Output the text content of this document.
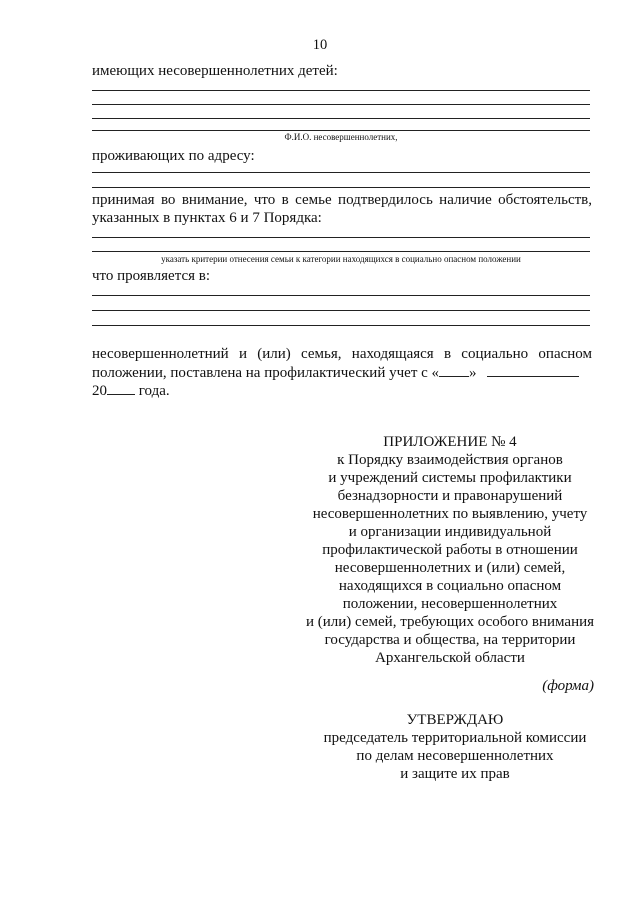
10
имеющих несовершеннолетних детей:
Ф.И.О. несовершеннолетних,
проживающих по адресу:
принимая во внимание, что в семье подтвердилось наличие обстоятельств,
указанных в пунктах 6 и 7 Порядка:
указать критерии отнесения семьи к категории находящихся в социально опасном положении
что проявляется в:
несовершеннолетний и (или) семья, находящаяся в социально опасном
положении, поставлена на профилактический учет с « »
20 года.
ПРИЛОЖЕНИЕ № 4
к Порядку взаимодействия органов
и учреждений системы профилактики
безнадзорности и правонарушений
несовершеннолетних по выявлению, учету
и организации индивидуальной
профилактической работы в отношении
несовершеннолетних и (или) семей,
находящихся в социально опасном
положении, несовершеннолетних
и (или) семей, требующих особого внимания
государства и общества, на территории
Архангельской области
(форма)
УТВЕРЖДАЮ
председатель территориальной комиссии
по делам несовершеннолетних
и защите их прав
